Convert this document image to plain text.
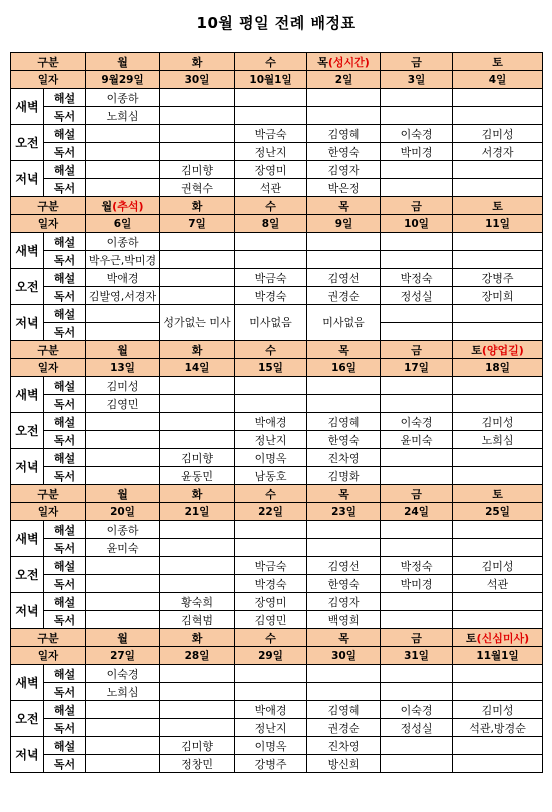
10월 평일 전례 배정표
구분		월	화	수	목(성시간)	금	토
일자		9월29일	30일	10월1일	2일	3일	4일
새벽	해설	이종하					
	독서	노희심					
오전	해설			박금숙	김영혜	이숙경	김미성
	독서			정난지	한영숙	박미경	서경자
저녁	해설		김미향	장영미	김영자		
	독서		권혁수	석관	박은정		
구분		월(추석)	화	수	목	금	토
일자		6일	7일	8일	9일	10일	11일
새벽	해설	이종하					
	독서	박우근,박미경					
오전	해설	박애경		박금숙	김영선	박정숙	강병주
	독서	김발영,서경자		박경숙	권경순	정성실	장미희
저녁	해설		성가없는 미사	미사없음	미사없음		
	독서						
구분		월	화	수	목	금	토(양업길)
일자		13일	14일	15일	16일	17일	18일
새벽	해설	김미성					
	독서	김영민					
오전	해설			박애경	김영혜	이숙경	김미성
	독서			정난지	한영숙	윤미숙	노희심
저녁	해설		김미향	이명옥	진차영		
	독서		윤동민	남동호	김명화		
구분		월	화	수	목	금	토
일자		20일	21일	22일	23일	24일	25일
새벽	해설	이종하					
	독서	윤미숙					
오전	해설			박금숙	김영선	박정숙	김미성
	독서			박경숙	한영숙	박미경	석관
저녁	해설		황숙희	장영미	김영자		
	독서		김혁범	김영민	백영희		
구분		월	화	수	목	금	토(신심미사)
일자		27일	28일	29일	30일	31일	11월1일
새벽	해설	이숙경					
	독서	노희심					
오전	해설			박애경	김영혜	이숙경	김미성
	독서			정난지	권경순	정성실	석관,방경순
저녁	해설		김미향	이명옥	진차영		
	독서		정창민	강병주	방신희		
